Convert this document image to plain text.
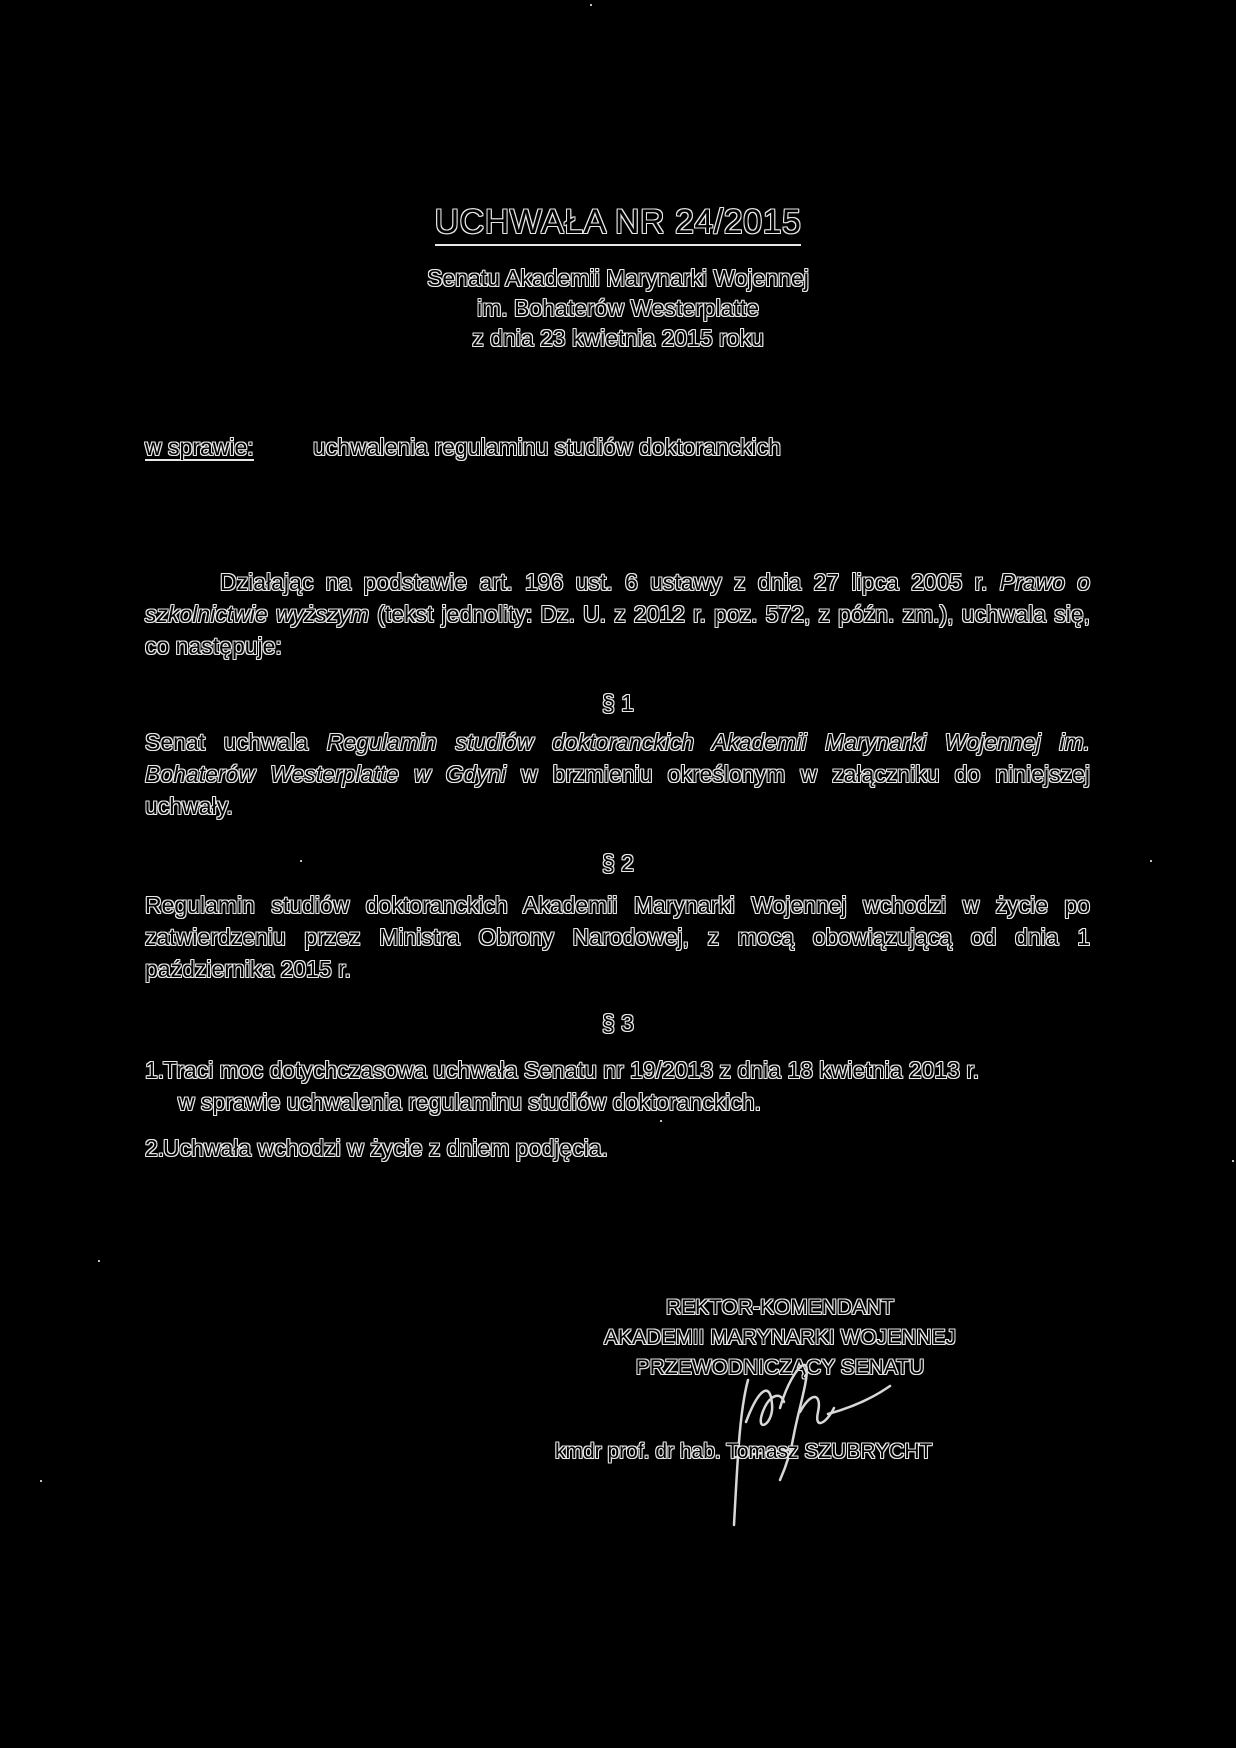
UCHWAŁA NR 24/2015
Senatu Akademii Marynarki Wojennej
im. Bohaterów Westerplatte
z dnia 23 kwietnia 2015 roku
w sprawie:	uchwalenia regulaminu studiów doktoranckich
Działając na podstawie art. 196 ust. 6 ustawy z dnia 27 lipca 2005 r. Prawo o szkolnictwie wyższym (tekst jednolity: Dz. U. z 2012 r. poz. 572, z późn. zm.), uchwala się, co następuje:
§ 1
Senat uchwala Regulamin studiów doktoranckich Akademii Marynarki Wojennej im. Bohaterów Westerplatte w Gdyni w brzmieniu określonym w załączniku do niniejszej uchwały.
§ 2
Regulamin studiów doktoranckich Akademii Marynarki Wojennej wchodzi w życie po zatwierdzeniu przez Ministra Obrony Narodowej, z mocą obowiązującą od dnia 1 października 2015 r.
§ 3
1.Traci moc dotychczasowa uchwała Senatu nr 19/2013 z dnia 18 kwietnia 2013 r.
w sprawie uchwalenia regulaminu studiów doktoranckich.
2.Uchwała wchodzi w życie z dniem podjęcia.
REKTOR-KOMENDANT
AKADEMII MARYNARKI WOJENNEJ
PRZEWODNICZĄCY SENATU
kmdr prof. dr hab. Tomasz SZUBRYCHT
